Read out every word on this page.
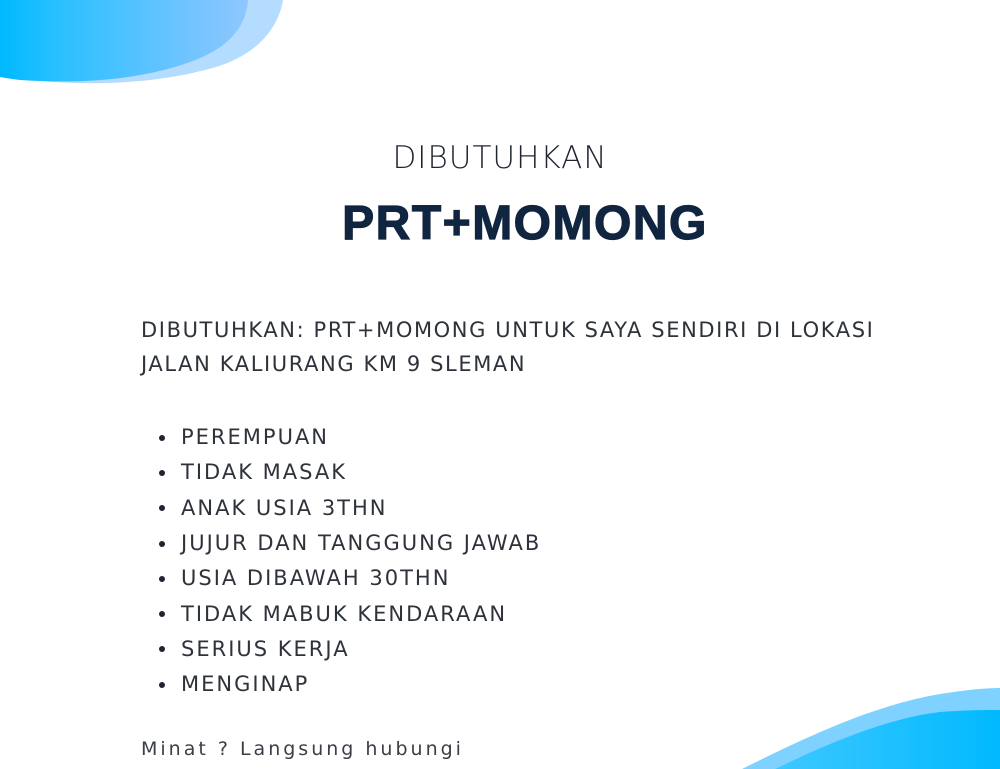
DIBUTUHKAN
PRT+MOMONG
DIBUTUHKAN: PRT+MOMONG UNTUK SAYA SENDIRI DI LOKASI JALAN KALIURANG KM 9 SLEMAN
PEREMPUAN
TIDAK MASAK
ANAK USIA 3THN
JUJUR DAN TANGGUNG JAWAB
USIA DIBAWAH 30THN
TIDAK MABUK KENDARAAN
SERIUS KERJA
MENGINAP
Minat ? Langsung hubungi
